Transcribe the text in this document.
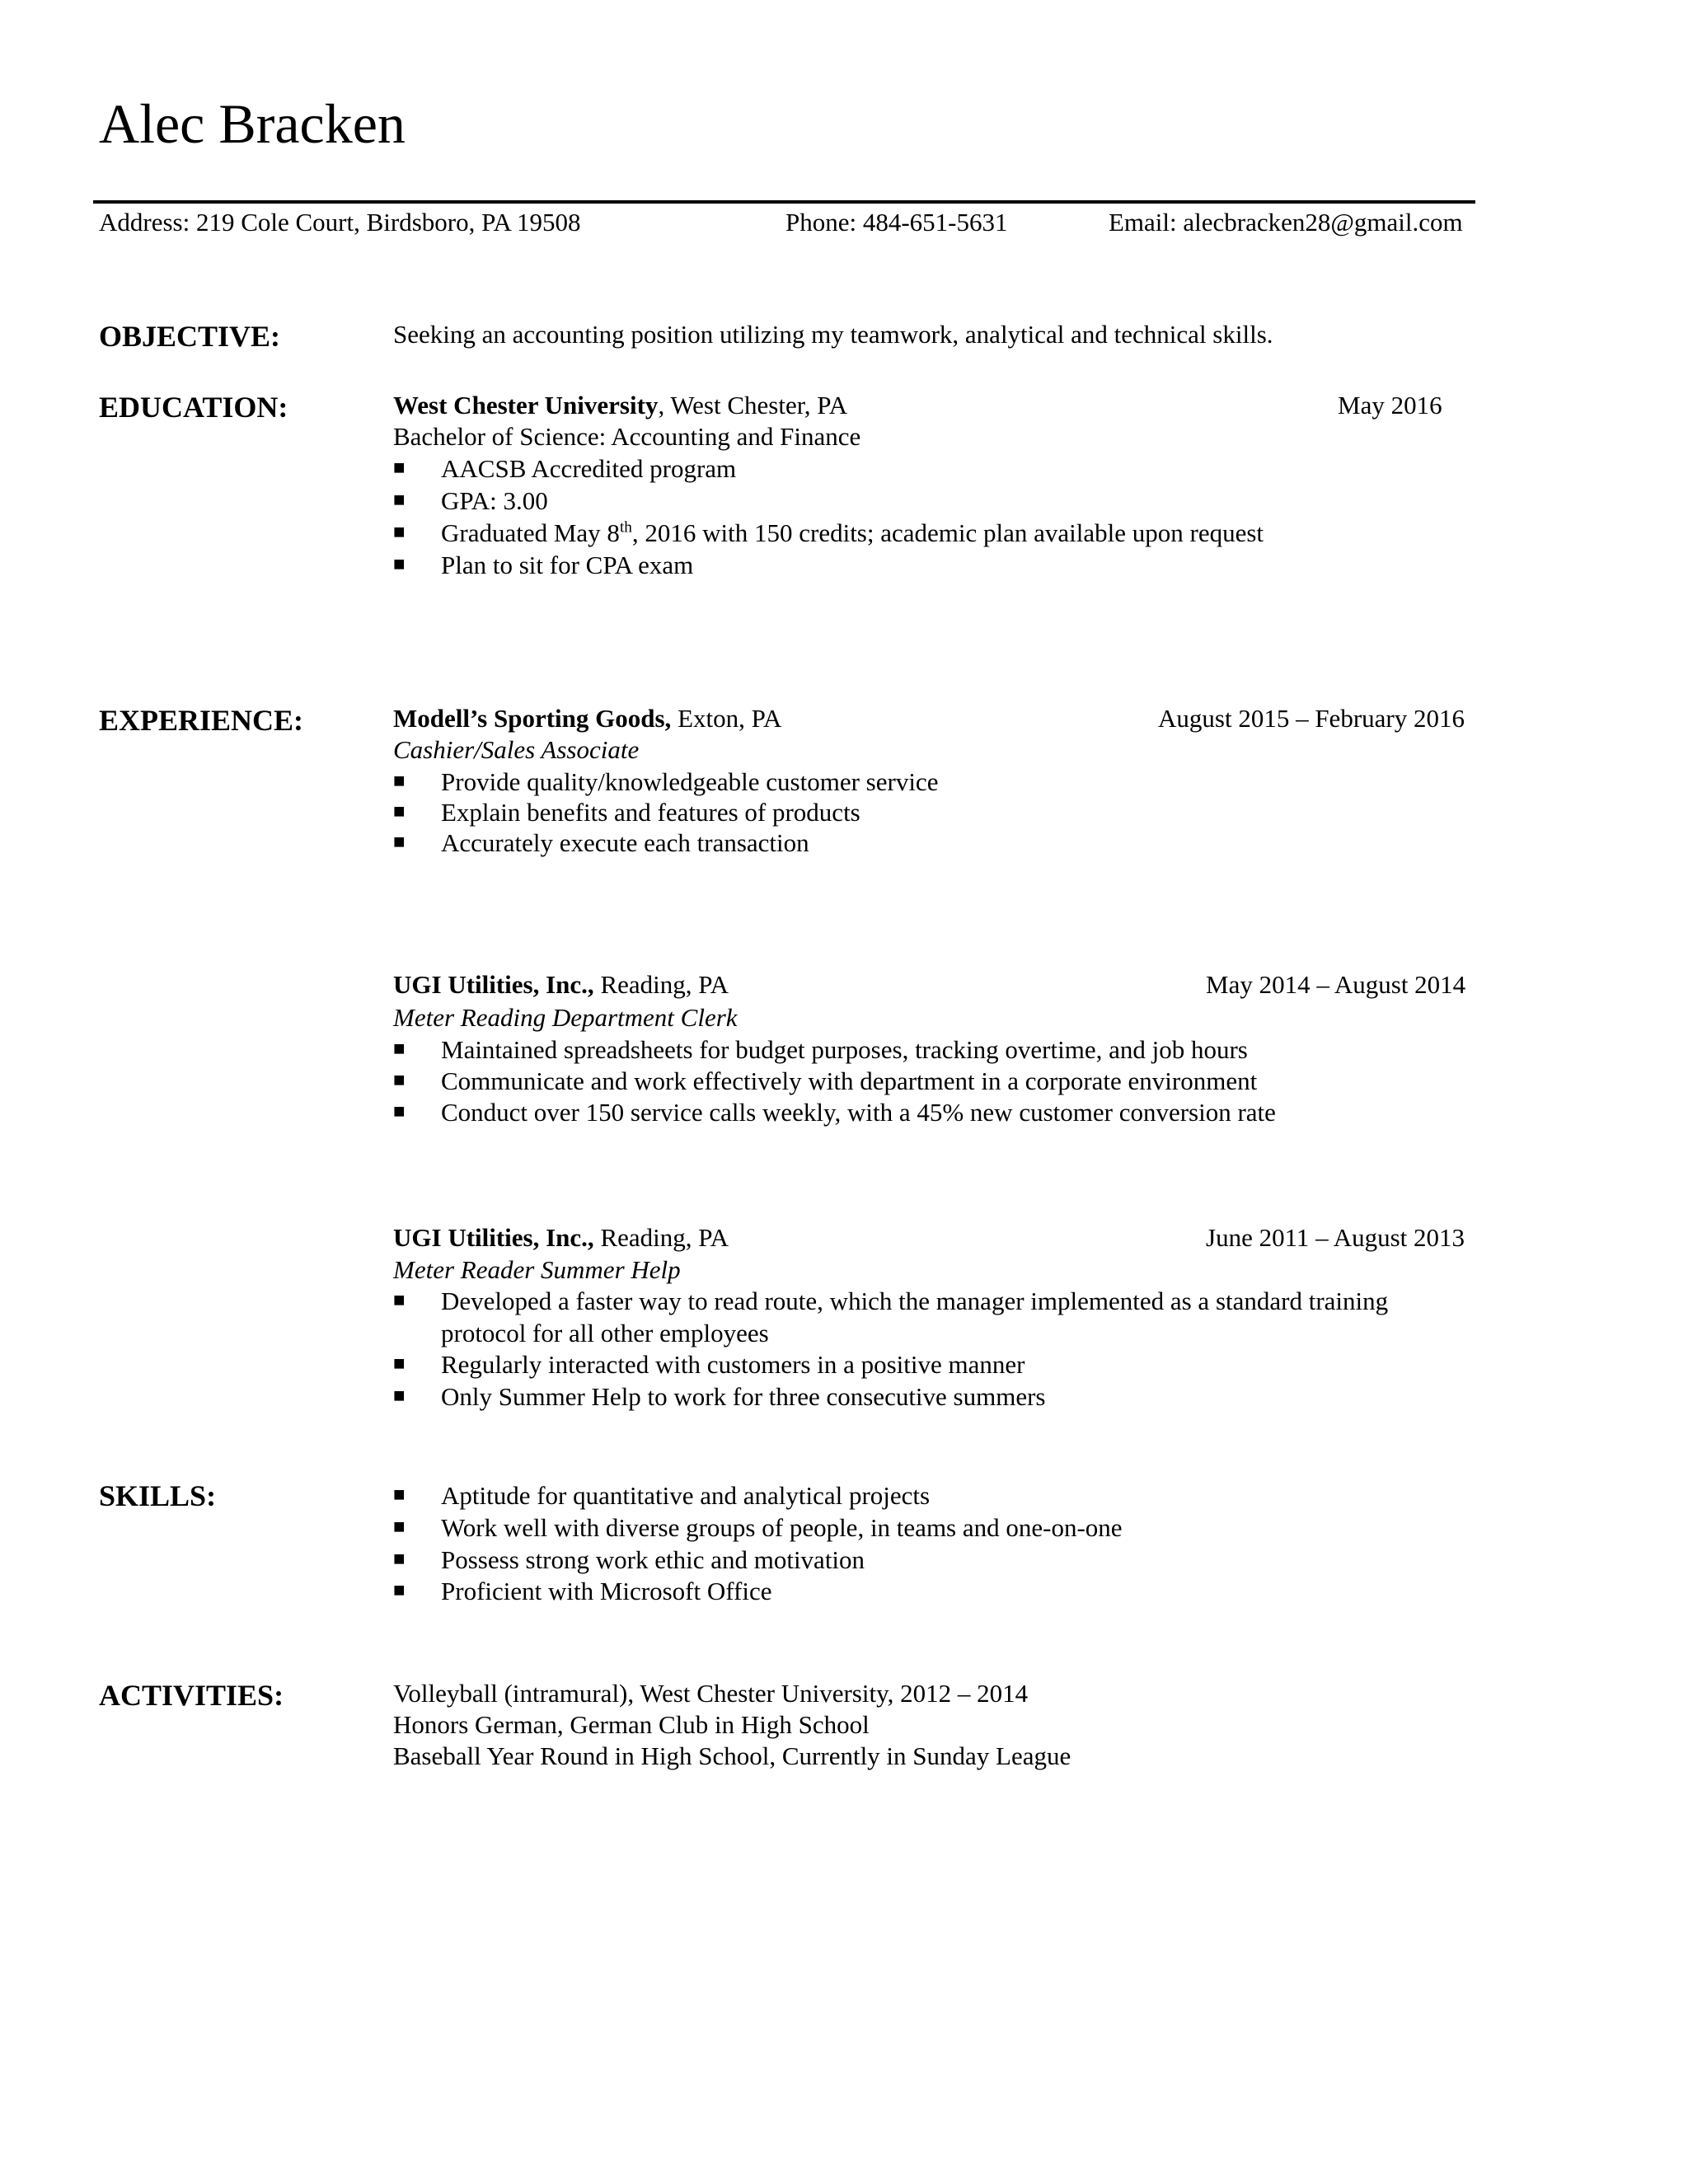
Alec Bracken
Address: 219 Cole Court, Birdsboro, PA 19508	Phone: 484-651-5631	Email: alecbracken28@gmail.com
OBJECTIVE:	Seeking an accounting position utilizing my teamwork, analytical and technical skills.
EDUCATION:	West Chester University, West Chester, PA	May 2016
Bachelor of Science: Accounting and Finance
■ AACSB Accredited program
■ GPA: 3.00
■ Graduated May 8th, 2016 with 150 credits; academic plan available upon request
■ Plan to sit for CPA exam
EXPERIENCE:	Modell’s Sporting Goods, Exton, PA	August 2015 – February 2016
Cashier/Sales Associate
■ Provide quality/knowledgeable customer service
■ Explain benefits and features of products
■ Accurately execute each transaction
UGI Utilities, Inc., Reading, PA	May 2014 – August 2014
Meter Reading Department Clerk
■ Maintained spreadsheets for budget purposes, tracking overtime, and job hours
■ Communicate and work effectively with department in a corporate environment
■ Conduct over 150 service calls weekly, with a 45% new customer conversion rate
UGI Utilities, Inc., Reading, PA	June 2011 – August 2013
Meter Reader Summer Help
■ Developed a faster way to read route, which the manager implemented as a standard training
protocol for all other employees
■ Regularly interacted with customers in a positive manner
■ Only Summer Help to work for three consecutive summers
SKILLS:	■ Aptitude for quantitative and analytical projects
■ Work well with diverse groups of people, in teams and one-on-one
■ Possess strong work ethic and motivation
■ Proficient with Microsoft Office
ACTIVITIES:	Volleyball (intramural), West Chester University, 2012 – 2014
Honors German, German Club in High School
Baseball Year Round in High School, Currently in Sunday League
